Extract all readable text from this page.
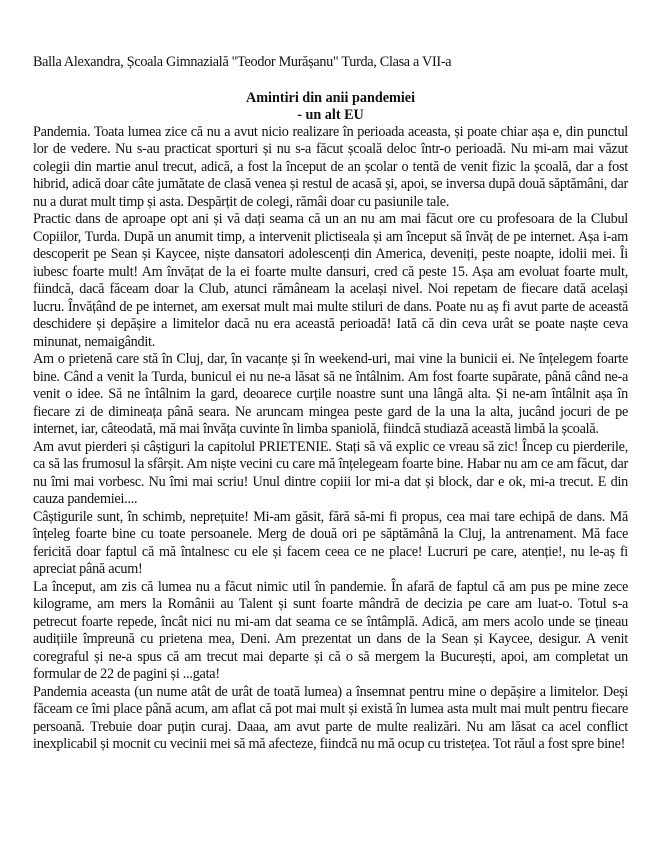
Balla Alexandra, Școala Gimnazială "Teodor Murășanu" Turda, Clasa a VII-a

Amintiri din anii pandemiei

- un alt EU

Pandemia. Toata lumea zice că nu a avut nicio realizare în perioada aceasta, și poate chiar așa e, din punctul lor de vedere. Nu s-au practicat sporturi și nu s-a făcut școală deloc într-o perioadă. Nu mi-am mai văzut colegii din martie anul trecut, adică, a fost la început de an școlar o tentă de venit fizic la școală, dar a fost hibrid, adică doar câte jumătate de clasă venea și restul de acasă și, apoi, se inversa după două săptămâni, dar nu a durat mult timp și asta. Despărțit de colegi, rămâi doar cu pasiunile tale.

Practic dans de aproape opt ani și vă dați seama că un an nu am mai făcut ore cu profesoara de la Clubul Copiilor, Turda. După un anumit timp, a intervenit plictiseala și am început să învăț de pe internet. Așa i-am descoperit pe Sean și Kaycee, niște dansatori adolescenți din America, deveniți, peste noapte, idolii mei. Îi iubesc foarte mult! Am învățat de la ei foarte multe dansuri, cred că peste 15. Așa am evoluat foarte mult, fiindcă, dacă făceam doar la Club, atunci rămâneam la același nivel. Noi repetam de fiecare dată același lucru. Învățând de pe internet, am exersat mult mai multe stiluri de dans. Poate nu aș fi avut parte de această deschidere și depășire a limitelor dacă nu era această perioadă! Iată că din ceva urât se poate naște ceva minunat, nemaigândit.

Am o prietenă care stă în Cluj, dar, în vacanțe și în weekend-uri, mai vine la bunicii ei. Ne înțelegem foarte bine. Când a venit la Turda, bunicul ei nu ne-a lăsat să ne întâlnim. Am fost foarte supărate, până când ne-a venit o idee. Să ne întâlnim la gard, deoarece curțile noastre sunt una lângă alta. Și ne-am întâlnit așa în fiecare zi de dimineața până seara. Ne aruncam mingea peste gard de la una la alta, jucând jocuri de pe internet, iar, câteodată, mă mai învăța cuvinte în limba spaniolă, fiindcă studiază această limbă la școală.

Am avut pierderi și câștiguri la capitolul PRIETENIE. Stați să vă explic ce vreau să zic! Încep cu pierderile, ca să las frumosul la sfârșit. Am niște vecini cu care mă înțelegeam foarte bine. Habar nu am ce am făcut, dar nu îmi mai vorbesc. Nu îmi mai scriu! Unul dintre copiii lor mi-a dat și block, dar e ok, mi-a trecut. E din cauza pandemiei....

Câștigurile sunt, în schimb, neprețuite! Mi-am găsit, fără să-mi fi propus, cea mai tare echipă de dans. Mă înțeleg foarte bine cu toate persoanele. Merg de două ori pe săptămână la Cluj, la antrenament. Mă face fericită doar faptul că mă întalnesc cu ele și facem ceea ce ne place! Lucruri pe care, atenție!, nu le-aș fi apreciat până acum!

La început, am zis că lumea nu a făcut nimic util în pandemie. În afară de faptul că am pus pe mine zece kilograme, am mers la Românii au Talent și sunt foarte mândră de decizia pe care am luat-o. Totul s-a petrecut foarte repede, încât nici nu mi-am dat seama ce se întâmplă. Adică, am mers acolo unde se țineau audițiile împreună cu prietena mea, Deni. Am prezentat un dans de la Sean și Kaycee, desigur. A venit coregraful și ne-a spus că am trecut mai departe și că o să mergem la București, apoi, am completat un formular de 22 de pagini și ...gata!

Pandemia aceasta (un nume atât de urât de toată lumea) a însemnat pentru mine o depășire a limitelor. Deși făceam ce îmi place până acum, am aflat că pot mai mult și există în lumea asta mult mai mult pentru fiecare persoană. Trebuie doar puțin curaj. Daaa, am avut parte de multe realizări. Nu am lăsat ca acel conflict inexplicabil și mocnit cu vecinii mei să mă afecteze, fiindcă nu mă ocup cu tristețea. Tot răul a fost spre bine!
